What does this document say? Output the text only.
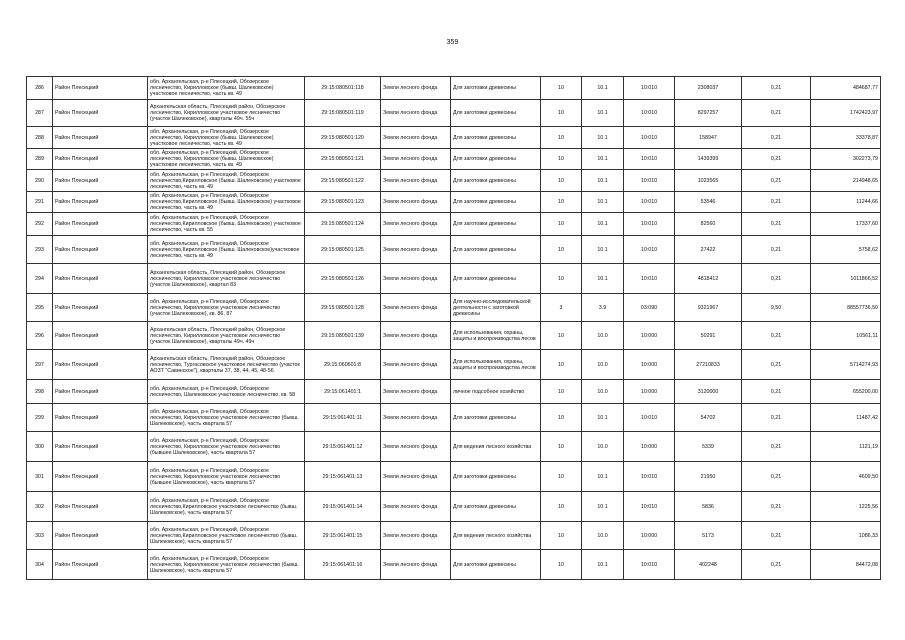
359
286	Район Плесецкий	обл. Архангельская, р-н Плесецкий, Обозерское лесничество, Кирилловское (бывш. Шалековское) участковое лесничество, часть кв. 49	29:15:080501:118	Земли лесного фонда	Для заготовки древесины	10	10.1	10:010	2308037	0,21	484687,77
287	Район Плесецкий	Архангельская область, Плесецкий район, Обозерское лесничество, Кирилловское участковое лесничество (участок Шалековское), кварталы 49ч. 55ч	29:15:080501:119	Земли лесного фонда	Для заготовки древесины	10	10.1	10:010	8297257	0,21	1742423,97
288	Район Плесецкий	обл. Архангельская, р-н Плесецкий, Обозерское лесничество, Кирилловское (бывш. Шалековское) участковое лесничество, часть кв. 49	29:15:080501:120	Земли лесного фонда	Для заготовки древесины	10	10.1	10:010	158947	0,21	33378,87
289	Район Плесецкий	обл. Архангельская, р-н Плесецкий, Обозерское лесничество, Кирилловское (бывш. Шалековское) участковое лесничество, часть кв. 49	29:15:080501:121	Земли лесного фонда	Для заготовки древесины	10	10.1	10:010	1439399	0,21	302273,79
290	Район Плесецкий	обл. Архангельская, р-н Плесецкий, Обозерское лесничество,Кирилловское (бывш. Шалековское) участковое лесничество, часть кв. 49	29:15:080501:122	Земли лесного фонда	Для заготовки древесины	10	10.1	10:010	1023565	0,21	214948,65
291	Район Плесецкий	обл. Архангельская, р-н Плесецкий, Обозерское лесничество,Кирилловское (бывш. Шалековское) участковое лесничество, часть кв. 49	29:15:080501:123	Земли лесного фонда	Для заготовки древесины	10	10.1	10:010	53546	0,21	11244,66
292	Район Плесецкий	обл. Архангельская, р-н Плесецкий, Обозерское лесничество,Кирилловское (бывш. Шалековское) участковое лесничество, часть кв. 55	29:15:080501:124	Земли лесного фонда	Для заготовки древесины	10	10.1	10:010	82560	0,21	17337,60
293	Район Плесецкий	обл. Архангельская, р-н Плесецкий, Обозерское лесничество,Кирилловское (бывш. Шалековское)участковое лесничество, часть кв. 49	29:15:080501:125	Земли лесного фонда	Для заготовки древесины	10	10.1	10:010	27422	0,21	5758,62
294	Район Плесецкий	Архангельская область, Плесецкий район, Обозерское лесничество, Кирилловское участковое лесничество (участок Шалековское), квартал 83	29:15:080501:126	Земли лесного фонда	Для заготовки древесины	10	10.1	10:010	4818412	0,21	1011866,52
295	Район Плесецкий	обл. Архангельская, р-н Плесецкий, Обозерское лесничество, Кирилловское участковое лесничество (участок Шалековское), кв. 86, 87	29:15:080501:128	Земли лесного фонда	Для научно-исследовательской деятельности с заготовкой древесины	3	3.9	03:090	9321967	9,50	88557736,50
296	Район Плесецкий	Архангельская область, Плесецкий район, Обозерское лесничество, Кирилловское участковое лесничество (участок Шалековское), кварталы 49ч. 49ч	29:15:080501:139	Земли лесного фонда	Для использования, охраны, защиты и воспроизводства лесов	10	10.0	10:000	50291	0,21	10561,11
297	Район Плесецкий	Архангельская область, Плесецкий район, Обозерское лесничество, Тургасовское участковое лесничество (участок АОЗТ "Савинское"), кварталы 37, 38, 44, 45, 48-56	29:15:060601:8	Земли лесного фонда	Для использования, охраны, защиты и воспроизводства лесов	10	10.0	10:000	27210833	0,21	5714274,93
298	Район Плесецкий	обл. Архангельская, р-н Плесецкий, Обозерское лесничество, Шалековское участковое лесничество, кв. 58	29:15:061401:1	Земли лесного фонда	личное подсобное хозяйство	10	10.0	10:000	3120000	0,21	655200,00
299	Район Плесецкий	обл. Архангельская, р-н Плесецкий, Обозерское лесничество, Кирилловское участковое лесничество (бывш. Шалековское), часть квартала 57	29:15:061401:11	Земли лесного фонда	Для заготовки древесины	10	10.1	10:010	54702	0,21	11487,42
300	Район Плесецкий	обл. Архангельская, р-н Плесецкий, Обозерское лесничество, Кирилловское участковое лесничество (бывшее Шалековское), часть квартала 57	29:15:061401:12	Земли лесного фонда	Для ведения лесного хозяйства	10	10.0	10:000	5339	0,21	1121,19
301	Район Плесецкий	обл. Архангельская, р-н Плесецкий, Обозерское лесничество, Кирилловское участковое лесничество (бывшее Шалековское), часть квартала 57	29:15:061401:13	Земли лесного фонда	Для заготовки древесины	10	10.1	10:010	21950	0,21	4609,50
302	Район Плесецкий	обл. Архангельская, р-н Плесецкий, Обозерское лесничество,Кирилловское участковое лесничество (бывш. Шалековское), часть квартала 57	29:15:061401:14	Земли лесного фонда	Для заготовки древесины	10	10.1	10:010	5836	0,21	1225,56
303	Район Плесецкий	обл. Архангельская, р-н Плесецкий, Обозерское лесничество,Кирилловское участковое лесничество (бывш. Шалековское), часть квартала 57	29:15:061401:15	Земли лесного фонда	Для ведения лесного хозяйства	10	10.0	10:000	5173	0,21	1086,33
304	Район Плесецкий	обл. Архангельская, р-н Плесецкий, Обозерское лесничество, Кирилловское участковое лесничество (бывш. Шалековское), часть квартала 57	29:15:061401:16	Земли лесного фонда	Для заготовки древесины	10	10.1	10:010	402248	0,21	84472,08
